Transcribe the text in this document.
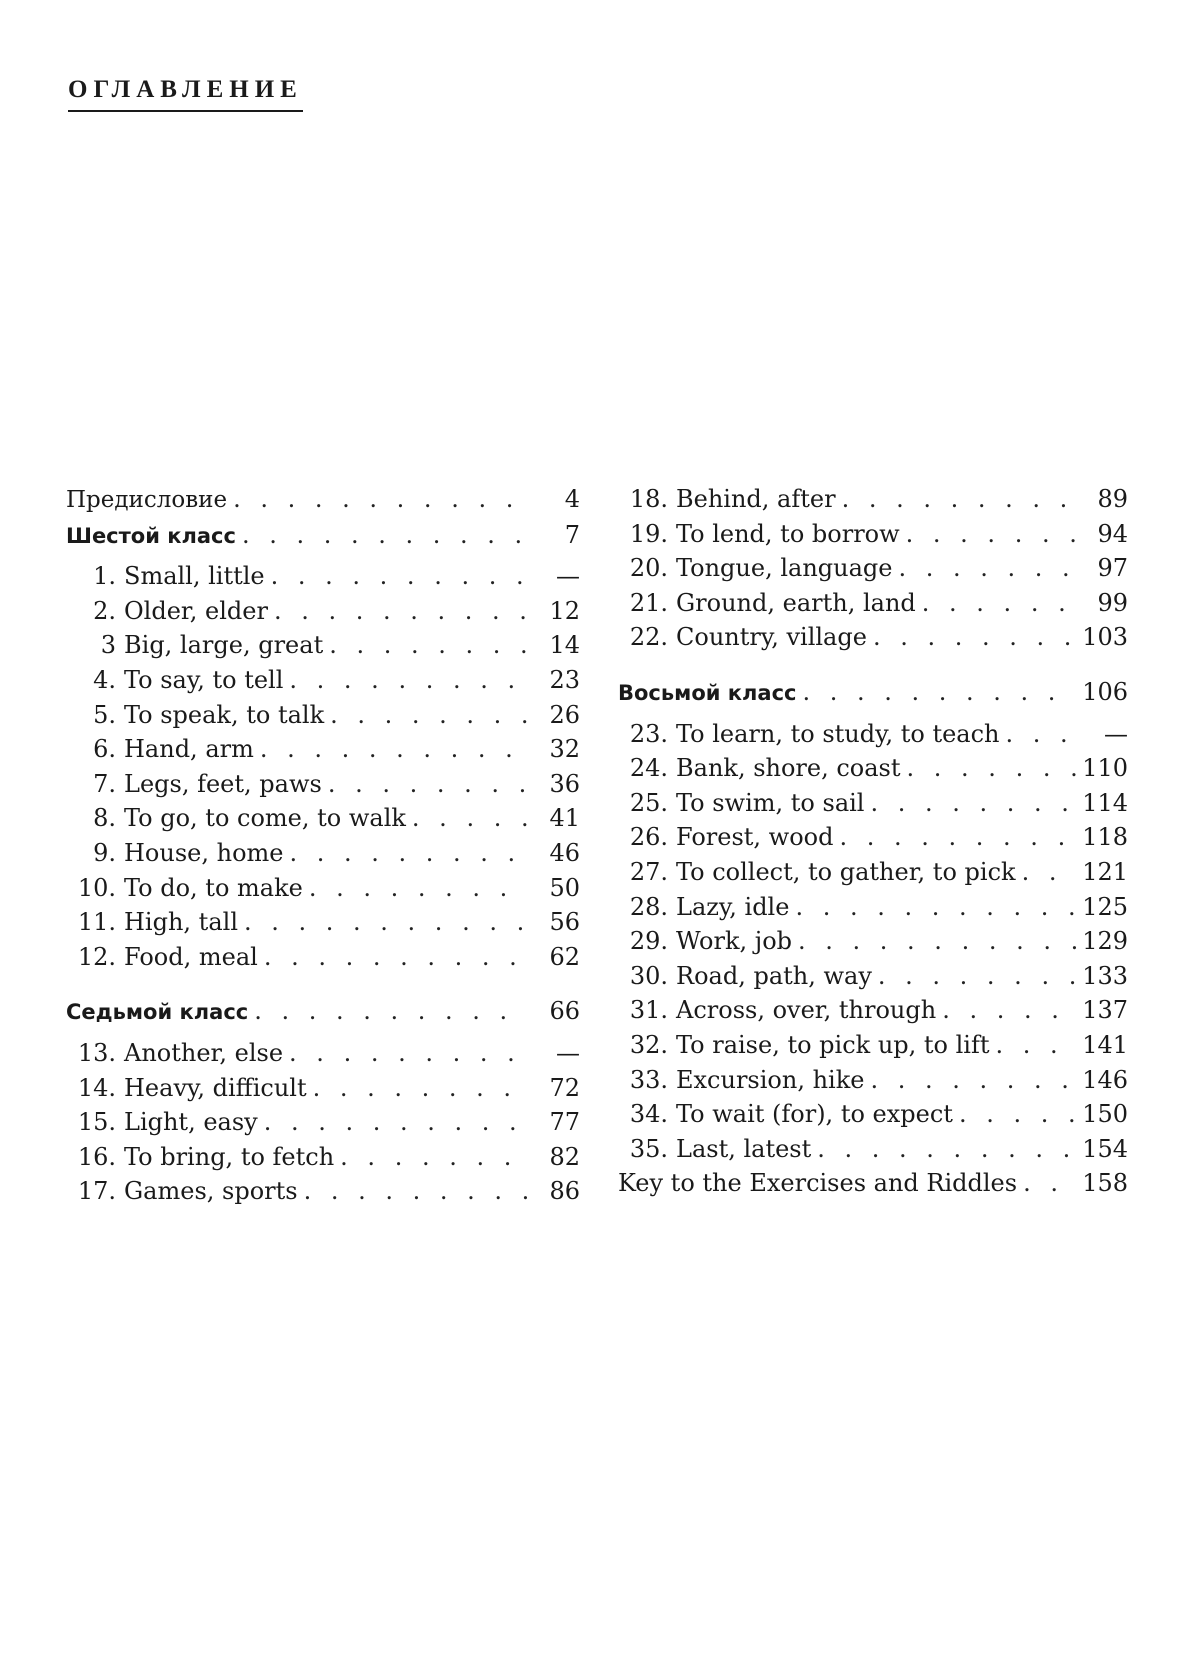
ОГЛАВЛЕНИЕ
Предисловие . . .	4
Шестой класс . . .	7
1. Small, little . . .	—
2. Older, elder . . .	12
3 Big, large, great . . .	14
4. To say, to tell . . .	23
5. To speak, to talk . . .	26
6. Hand, arm . . .	32
7. Legs, feet, paws . . .	36
8. To go, to come, to walk . . .	41
9. House, home . . .	46
10. To do, to make . . .	50
11. High, tall . . .	56
12. Food, meal . . .	62
Седьмой класс . . .	66
13. Another, else . . .	—
14. Heavy, difficult . . .	72
15. Light, easy . . .	77
16. To bring, to fetch . . .	82
17. Games, sports . . .	86
18. Behind, after . . .	89
19. To lend, to borrow . . .	94
20. Tongue, language . . .	97
21. Ground, earth, land . . .	99
22. Country, village . . .	103
Восьмой класс . . .	106
23. To learn, to study, to teach . . .	—
24. Bank, shore, coast . . .	110
25. To swim, to sail . . .	114
26. Forest, wood . . .	118
27. To collect, to gather, to pick . . .	121
28. Lazy, idle . . .	125
29. Work, job . . .	129
30. Road, path, way . . .	133
31. Across, over, through . . .	137
32. To raise, to pick up, to lift . . .	141
33. Excursion, hike . . .	146
34. To wait (for), to expect . . .	150
35. Last, latest . . .	154
Key to the Exercises and Riddles . . .	158
